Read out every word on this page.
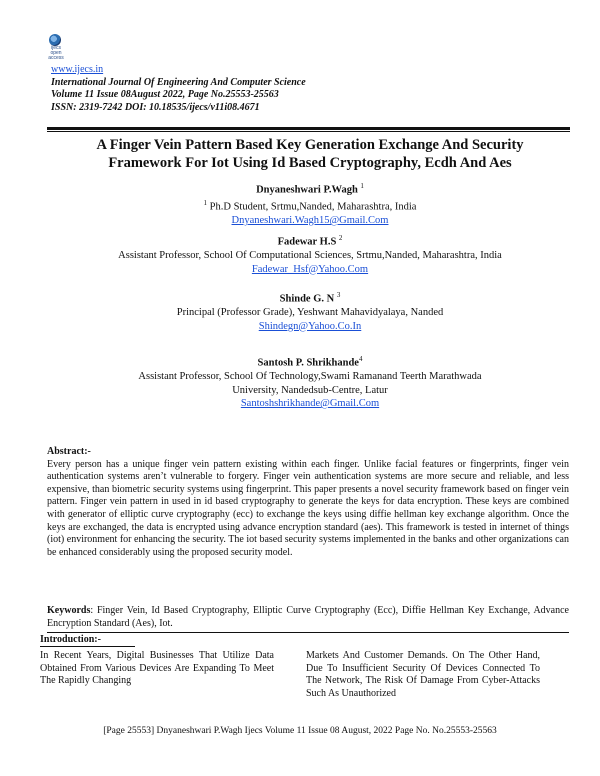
ijecs
open access
www.ijecs.in
International Journal Of Engineering And Computer Science
Volume 11 Issue 08August 2022, Page No.25553-25563
ISSN: 2319-7242 DOI: 10.18535/ijecs/v11i08.4671
A Finger Vein Pattern Based Key Generation Exchange And Security
Framework For Iot Using Id Based Cryptography, Ecdh And Aes
Dnyaneshwari P.Wagh $^1$
$^1$ Ph.D Student, Srtmu,Nanded, Maharashtra, India
Dnyaneshwari.Wagh15@Gmail.Com
Fadewar H.S $^2$
Assistant Professor, School Of Computational Sciences, Srtmu,Nanded, Maharashtra, India
Fadewar_Hsf@Yahoo.Com
Shinde G. N $^3$
Principal (Professor Grade), Yeshwant Mahavidyalaya, Nanded
Shindegn@Yahoo.Co.In
Santosh P. Shrikhande$^4$
Assistant Professor, School Of Technology,Swami Ramanand Teerth Marathwada
University, Nandedsub-Centre, Latur
Santoshshrikhande@Gmail.Com
Abstract:-
Every person has a unique finger vein pattern existing within each finger. Unlike facial features or fingerprints, finger vein authentication systems aren’t vulnerable to forgery. Finger vein authentication systems are more secure and reliable, and less expensive, than biometric security systems using fingerprint. This paper presents a novel security framework based on finger vein pattern. Finger vein pattern in used in id based cryptography to generate the keys for data encryption. These keys are combined with generator of elliptic curve cryptography (ecc) to exchange the keys using diffie hellman key exchange algorithm. Once the keys are exchanged, the data is encrypted using advance encryption standard (aes). This framework is tested in internet of things (iot) environment for enhancing the security. The iot based security systems implemented in the banks and other organizations can be enhanced considerably using the proposed security model.
Keywords: Finger Vein, Id Based Cryptography, Elliptic Curve Cryptography (Ecc), Diffie Hellman Key Exchange, Advance Encryption Standard (Aes), Iot.
Introduction:-
In Recent Years, Digital Businesses That Utilize Data Obtained From Various Devices Are Expanding To Meet The Rapidly Changing
Markets And Customer Demands. On The Other Hand, Due To Insufficient Security Of Devices Connected To The Network, The Risk Of Damage From Cyber-Attacks Such As Unauthorized
[Page 25553] Dnyaneshwari P.Wagh Ijecs Volume 11 Issue 08 August, 2022 Page No. No.25553-25563
